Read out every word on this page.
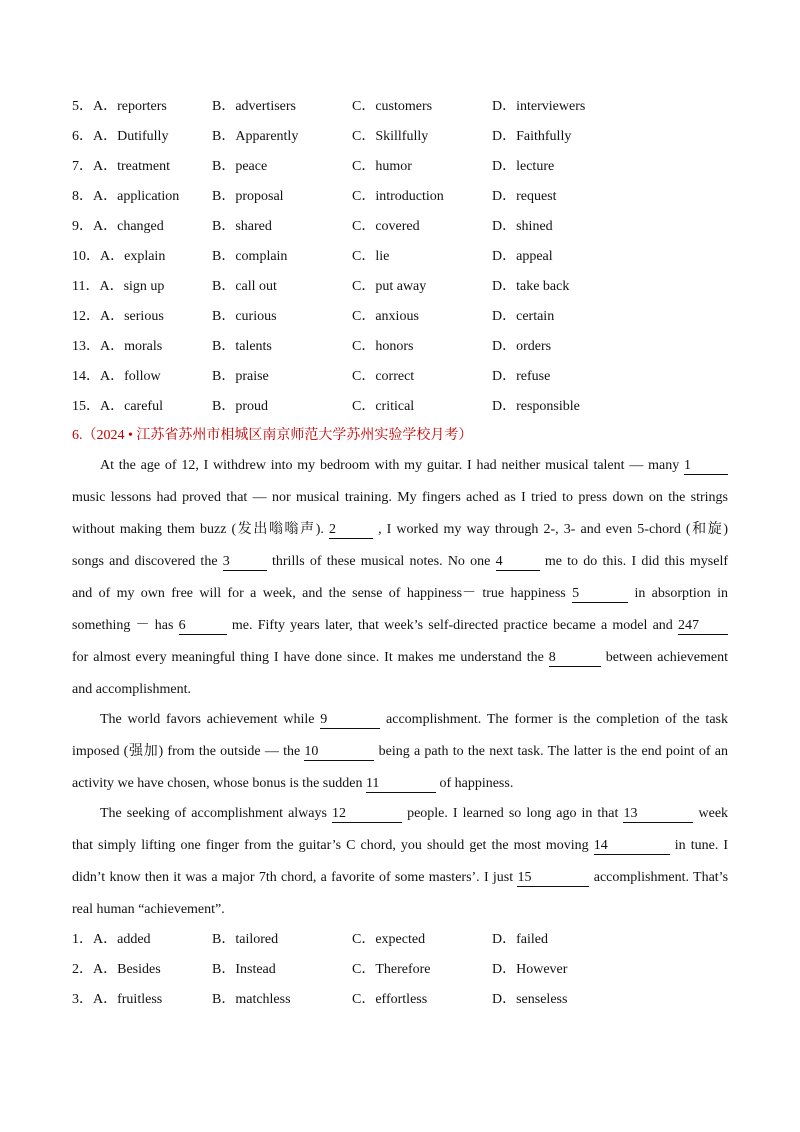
5．A．reporters	B．advertisers	C．customers	D．interviewers
6．A．Dutifully	B．Apparently	C．Skillfully	D．Faithfully
7．A．treatment	B．peace	C．humor	D．lecture
8．A．application B．proposal	C．introduction	D．request
9．A．changed	B．shared	C．covered	D．shined
10．A．explain	B．complain	C．lie	D．appeal
11．A．sign up	B．call out	C．put away	D．take back
12．A．serious	B．curious	C．anxious	D．certain
13．A．morals	B．talents	C．honors	D．orders
14．A．follow	B．praise	C．correct	D．refuse
15．A．careful	B．proud	C．critical	D．responsible
6.（2024 • 江苏省苏州市相城区南京师范大学苏州实验学校月考）
At the age of 12, I withdrew into my bedroom with my guitar. I had neither musical talent — many 1
music lessons had proved that — nor musical training. My fingers ached as I tried to press down on the strings
without making them buzz (发出嗡嗡声). 2	, I worked my way through 2-, 3- and even 5-chord (和旋)
songs and discovered the 3	thrills of these musical notes. No one 4	me to do this. I did this myself
and of my own free will for a week, and the sense of happiness－ true happiness 5	in absorption in
something － has 6	me. Fifty years later, that week’s self-directed practice became a model and 247
for almost every meaningful thing I have done since. It makes me understand the 8	between achievement
and accomplishment.
The world favors achievement while 9	accomplishment. The former is the completion of the task
imposed (强加) from the outside — the 10	being a path to the next task. The latter is the end point of an
activity we have chosen, whose bonus is the sudden 11	of happiness.
The seeking of accomplishment always 12	people. I learned so long ago in that 13	week
that simply lifting one finger from the guitar’s C chord, you should get the most moving 14	in tune. I
didn’t know then it was a major 7th chord, a favorite of some masters’. I just 15	accomplishment. That’s
real human “achievement”.
1．A．added	B．tailored	C．expected	D．failed
2．A．Besides	B．Instead	C．Therefore	D．However
3．A．fruitless	B．matchless	C．effortless	D．senseless
